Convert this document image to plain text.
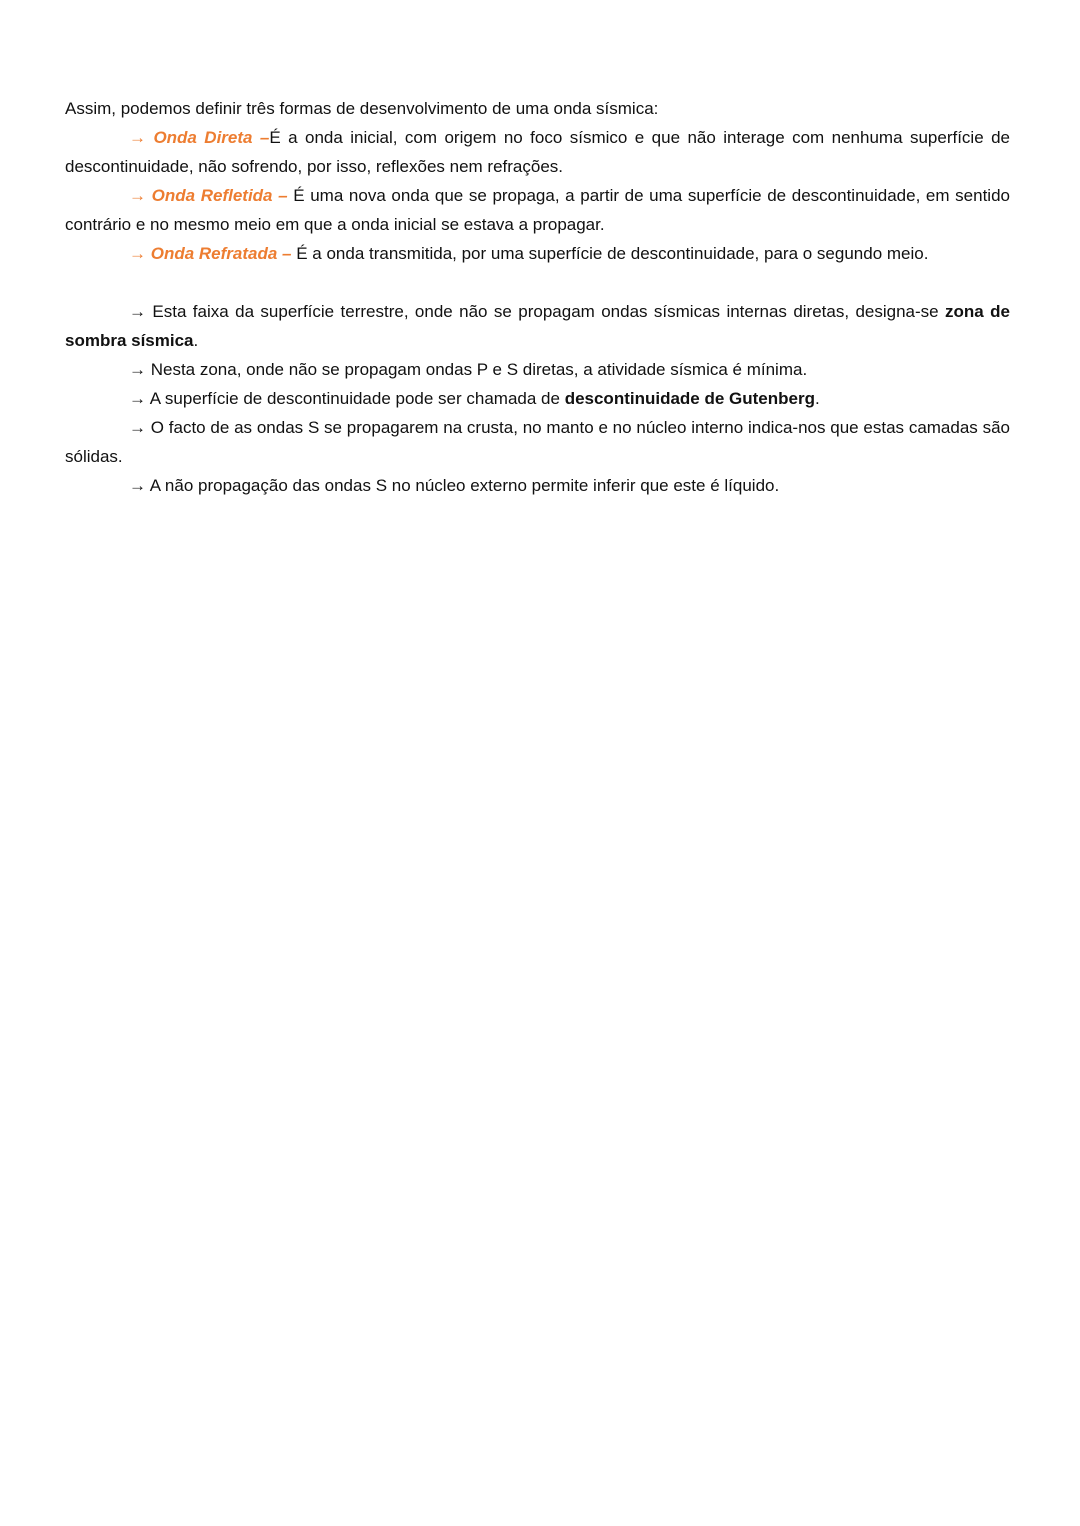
Assim, podemos definir três formas de desenvolvimento de uma onda sísmica:

→ Onda Direta –É a onda inicial, com origem no foco sísmico e que não interage com nenhuma superfície de descontinuidade, não sofrendo, por isso, reflexões nem refrações.

→ Onda Refletida – É uma nova onda que se propaga, a partir de uma superfície de descontinuidade, em sentido contrário e no mesmo meio em que a onda inicial se estava a propagar.

→ Onda Refratada – É a onda transmitida, por uma superfície de descontinuidade, para o segundo meio.

→ Esta faixa da superfície terrestre, onde não se propagam ondas sísmicas internas diretas, designa-se zona de sombra sísmica.

→ Nesta zona, onde não se propagam ondas P e S diretas, a atividade sísmica é mínima.

→ A superfície de descontinuidade pode ser chamada de descontinuidade de Gutenberg.

→ O facto de as ondas S se propagarem na crusta, no manto e no núcleo interno indica-nos que estas camadas são sólidas.

→ A não propagação das ondas S no núcleo externo permite inferir que este é líquido.
